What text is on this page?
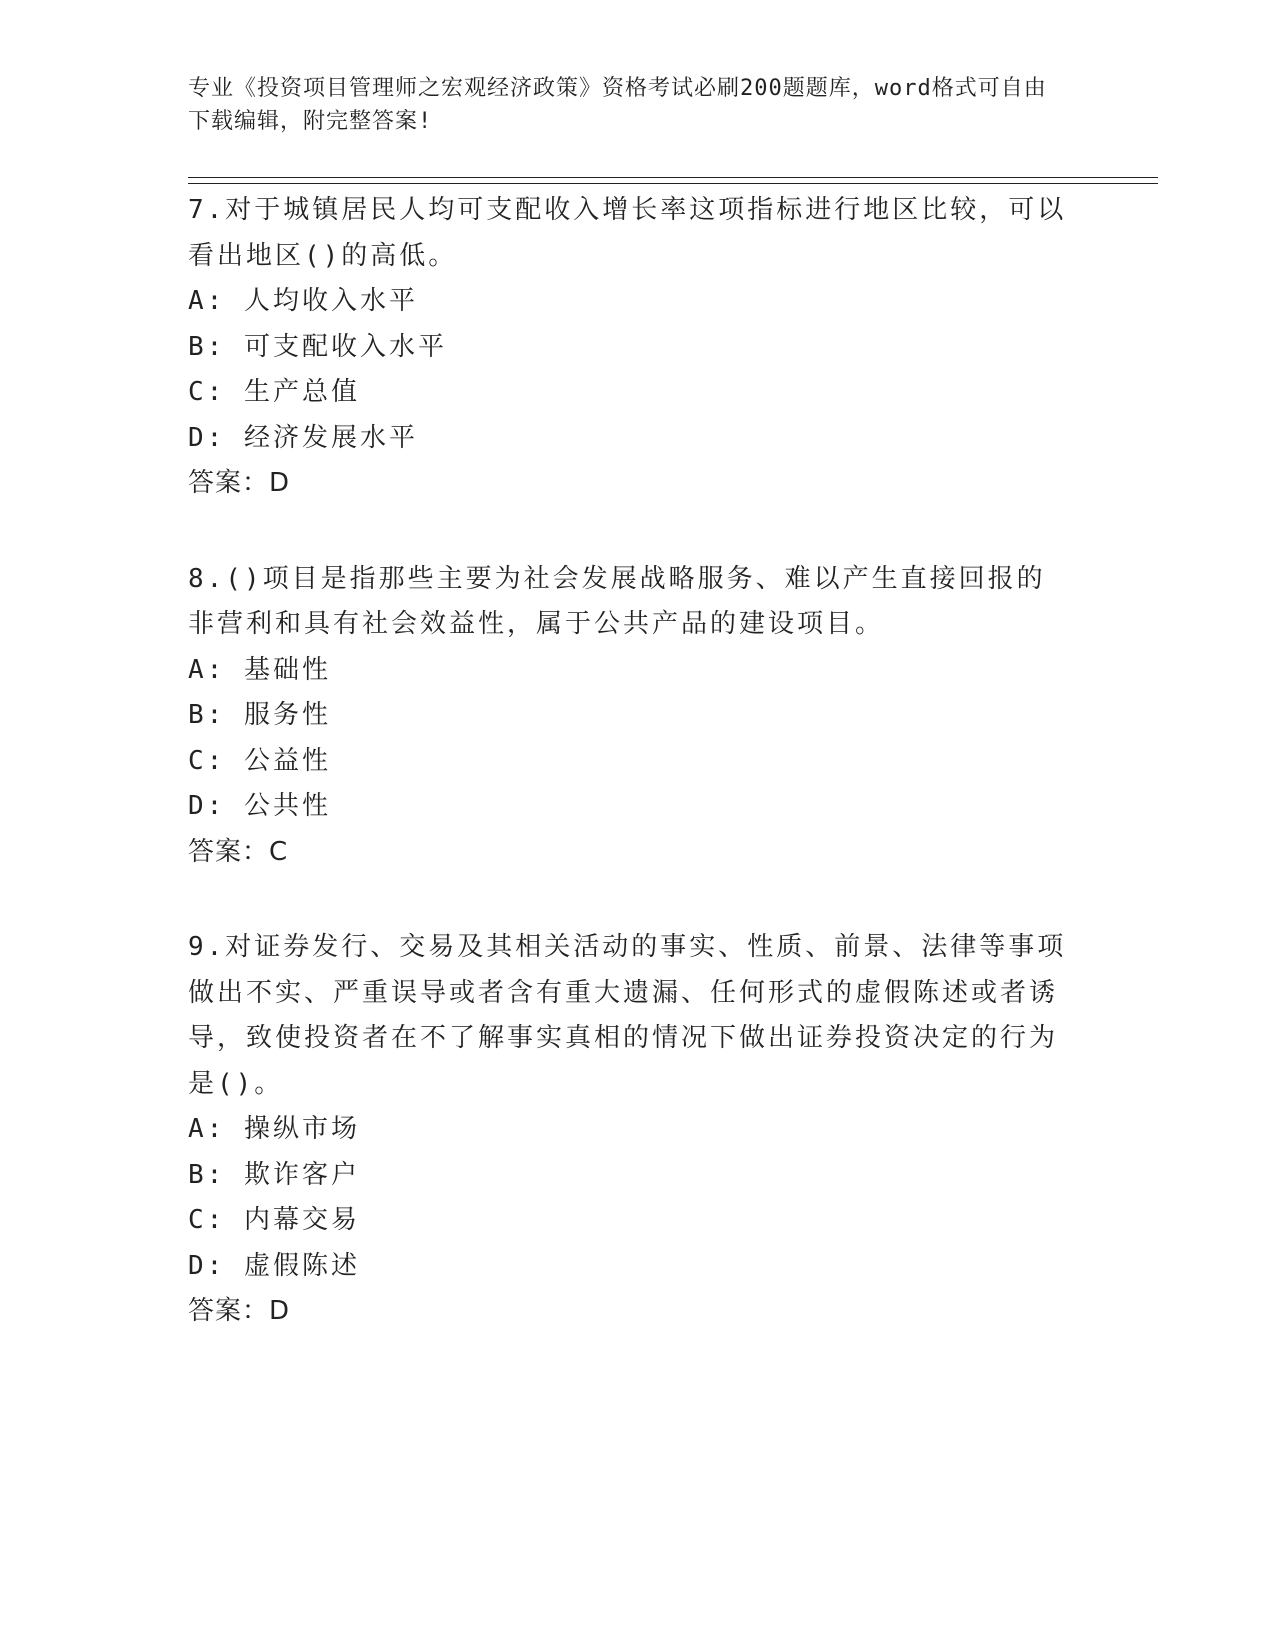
专业《投资项目管理师之宏观经济政策》资格考试必刷200题题库，word格式可自由下载编辑，附完整答案!

7.对于城镇居民人均可支配收入增长率这项指标进行地区比较，可以看出地区()的高低。

A: 人均收入水平

B: 可支配收入水平

C: 生产总值

D: 经济发展水平

答案：D

8.()项目是指那些主要为社会发展战略服务、难以产生直接回报的非营利和具有社会效益性，属于公共产品的建设项目。

A: 基础性

B: 服务性

C: 公益性

D: 公共性

答案：C

9.对证券发行、交易及其相关活动的事实、性质、前景、法律等事项做出不实、严重误导或者含有重大遗漏、任何形式的虚假陈述或者诱导，致使投资者在不了解事实真相的情况下做出证券投资决定的行为是()。

A: 操纵市场

B: 欺诈客户

C: 内幕交易

D: 虚假陈述

答案：D
